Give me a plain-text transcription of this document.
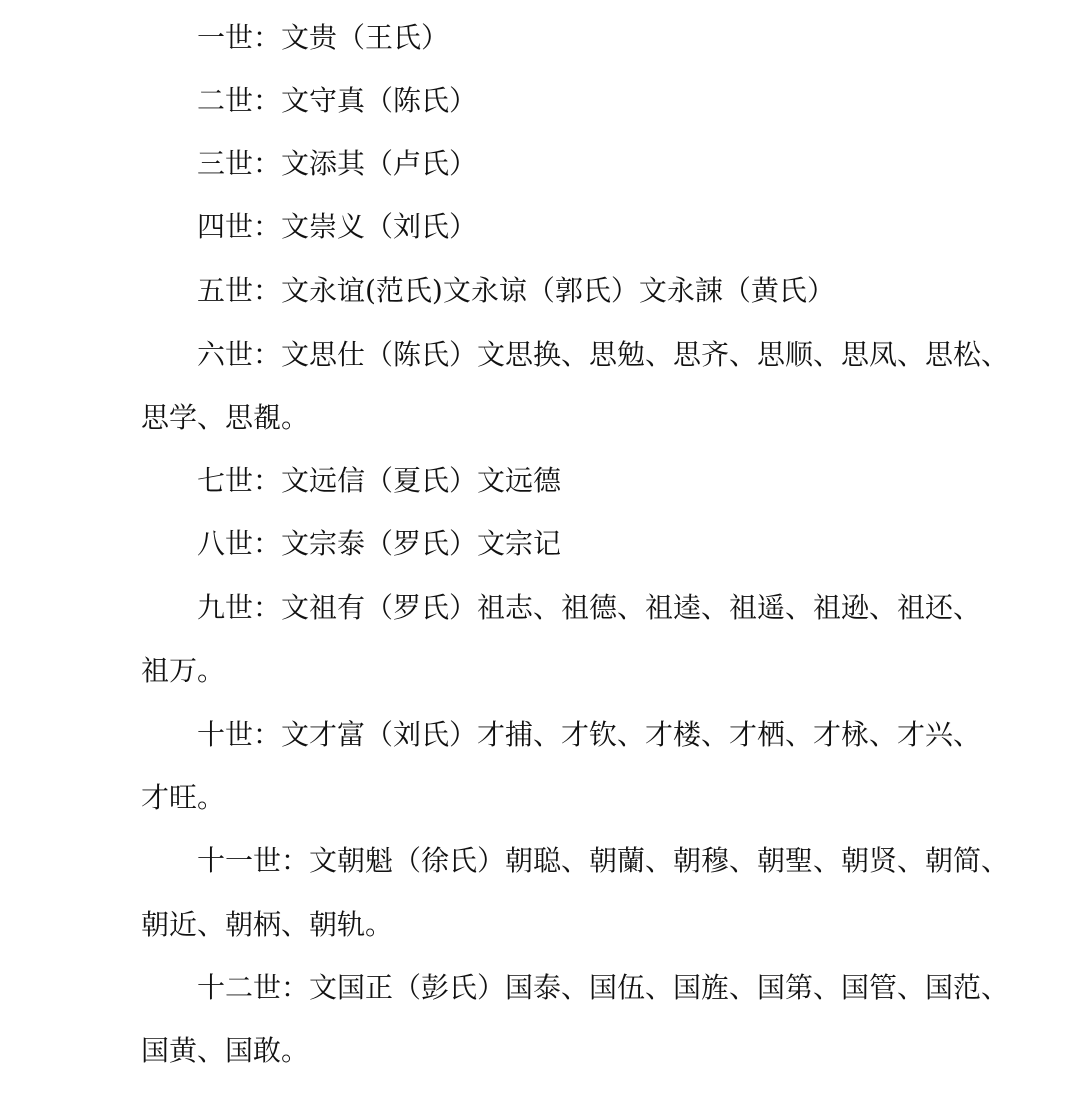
一世：文贵（王氏）
二世：文守真（陈氏）
三世：文添其（卢氏）
四世：文崇义（刘氏）
五世：文永谊(范氏)文永谅（郭氏）文永誎（黄氏）
六世：文思仕（陈氏）文思换、思勉、思齐、思顺、思凤、思松、
思学、思覩。
七世：文远信（夏氏）文远德
八世：文宗泰（罗氏）文宗记
九世：文祖有（罗氏）祖志、祖德、祖逵、祖遥、祖逊、祖还、
祖万。
十世：文才富（刘氏）才捕、才钦、才楼、才栖、才栐、才兴、
才旺。
十一世：文朝魁（徐氏）朝聪、朝蘭、朝穆、朝聖、朝贤、朝简、
朝近、朝柄、朝轨。
十二世：文国正（彭氏）国泰、国伍、国旌、国第、国管、国范、
国黄、国敢。
